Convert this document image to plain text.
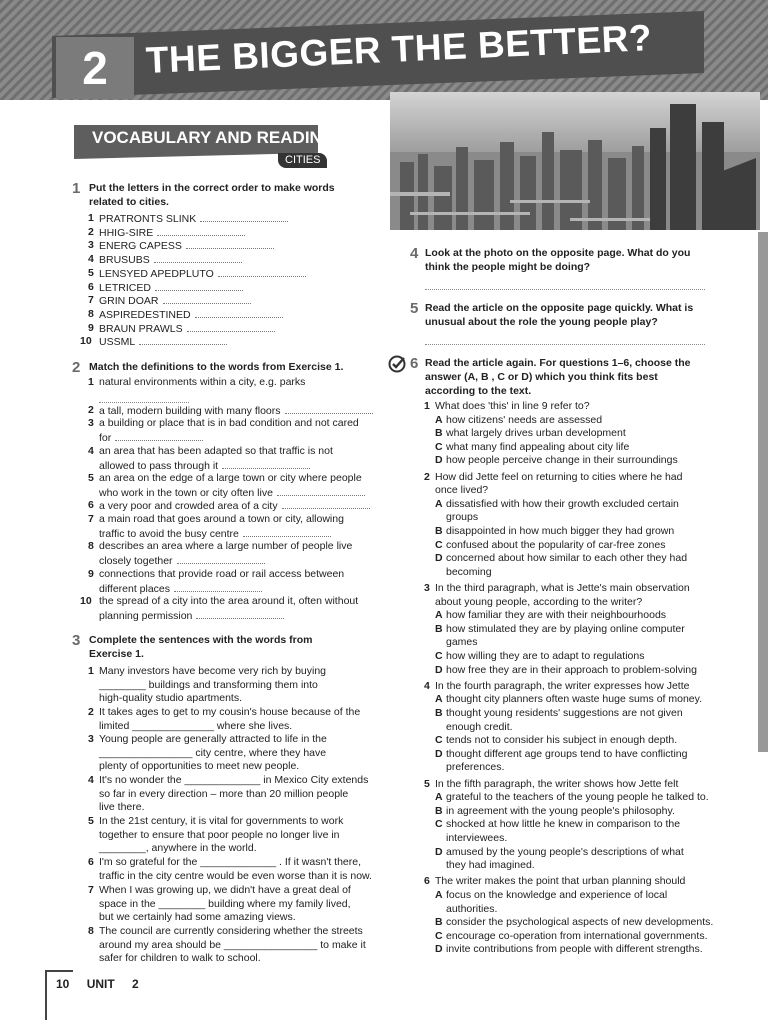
2	THE BIGGER THE BETTER?
VOCABULARY AND READING
CITIES
1 Put the letters in the correct order to make words related to cities.
1 PRATRONTS SLINK
2 HHIG-SIRE
3 ENERG CAPESS
4 BRUSUBS
5 LENSYED APEDPLUTO
6 LETRICED
7 GRIN DOAR
8 ASPIREDESTINED
9 BRAUN PRAWLS
10 USSML
2 Match the definitions to the words from Exercise 1.
1 natural environments within a city, e.g. parks
2 a tall, modern building with many floors
3 a building or place that is in bad condition and not cared
for
4 an area that has been adapted so that traffic is not
allowed to pass through it
5 an area on the edge of a large town or city where people
who work in the town or city often live
6 a very poor and crowded area of a city
7 a main road that goes around a town or city, allowing
traffic to avoid the busy centre
8 describes an area where a large number of people live
closely together
9 connections that provide road or rail access between
different places
10 the spread of a city into the area around it, often without
planning permission
3 Complete the sentences with the words from Exercise 1.
1 Many investors have become very rich by buying
________ buildings and transforming them into
high-quality studio apartments.
2 It takes ages to get to my cousin's house because of the
limited ______________ where she lives.
3 Young people are generally attracted to life in the
________________ city centre, where they have
plenty of opportunities to meet new people.
4 It's no wonder the _____________ in Mexico City extends
so far in every direction – more than 20 million people
live there.
5 In the 21st century, it is vital for governments to work
together to ensure that poor people no longer live in
________, anywhere in the world.
6 I'm so grateful for the _____________ . If it wasn't there,
traffic in the city centre would be even worse than it is now.
7 When I was growing up, we didn't have a great deal of
space in the ________ building where my family lived,
but we certainly had some amazing views.
8 The council are currently considering whether the streets
around my area should be ________________ to make it
safer for children to walk to school.
4 Look at the photo on the opposite page. What do you think the people might be doing?
5 Read the article on the opposite page quickly. What is unusual about the role the young people play?
6 Read the article again. For questions 1–6, choose the answer (A, B , C or D) which you think fits best according to the text.
1 What does 'this' in line 9 refer to?
A how citizens' needs are assessed
B what largely drives urban development
C what many find appealing about city life
D how people perceive change in their surroundings
2 How did Jette feel on returning to cities where he had
once lived?
A dissatisfied with how their growth excluded certain
groups
B disappointed in how much bigger they had grown
C confused about the popularity of car-free zones
D concerned about how similar to each other they had
becoming
3 In the third paragraph, what is Jette's main observation
about young people, according to the writer?
A how familiar they are with their neighbourhoods
B how stimulated they are by playing online computer
games
C how willing they are to adapt to regulations
D how free they are in their approach to problem-solving
4 In the fourth paragraph, the writer expresses how Jette
A thought city planners often waste huge sums of money.
B thought young residents' suggestions are not given
enough credit.
C tends not to consider his subject in enough depth.
D thought different age groups tend to have conflicting
preferences.
5 In the fifth paragraph, the writer shows how Jette felt
A grateful to the teachers of the young people he talked to.
B in agreement with the young people's philosophy.
C shocked at how little he knew in comparison to the
interviewees.
D amused by the young people's descriptions of what
they had imagined.
6 The writer makes the point that urban planning should
A focus on the knowledge and experience of local
authorities.
B consider the psychological aspects of new developments.
C encourage co-operation from international governments.
D invite contributions from people with different strengths.
10 UNIT 2
